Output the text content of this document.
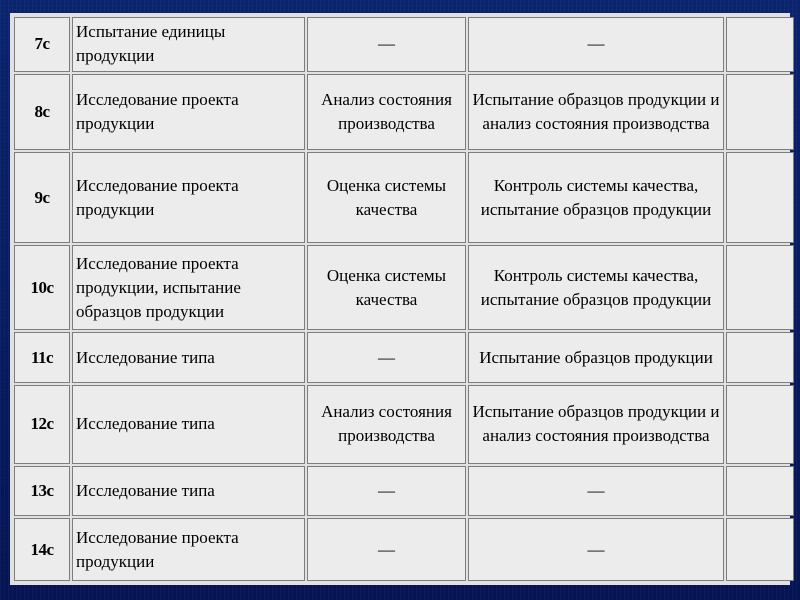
7с	Испытание единицы продукции	—	—	

8с	Исследование проекта продукции	Анализ состояния производства	Испытание образцов продукции и анализ состояния производства	

9с	Исследование проекта продукции	Оценка системы качества	Контроль системы качества, испытание образцов продукции	

10с	Исследование проекта продукции, испытание образцов продукции	Оценка системы качества	Контроль системы качества, испытание образцов продукции	

11с	Исследование типа	—	Испытание образцов продукции	

12с	Исследование типа	Анализ состояния производства	Испытание образцов продукции и анализ состояния производства	

13с	Исследование типа	—	—	

14с	Исследование проекта продукции	—	—	
